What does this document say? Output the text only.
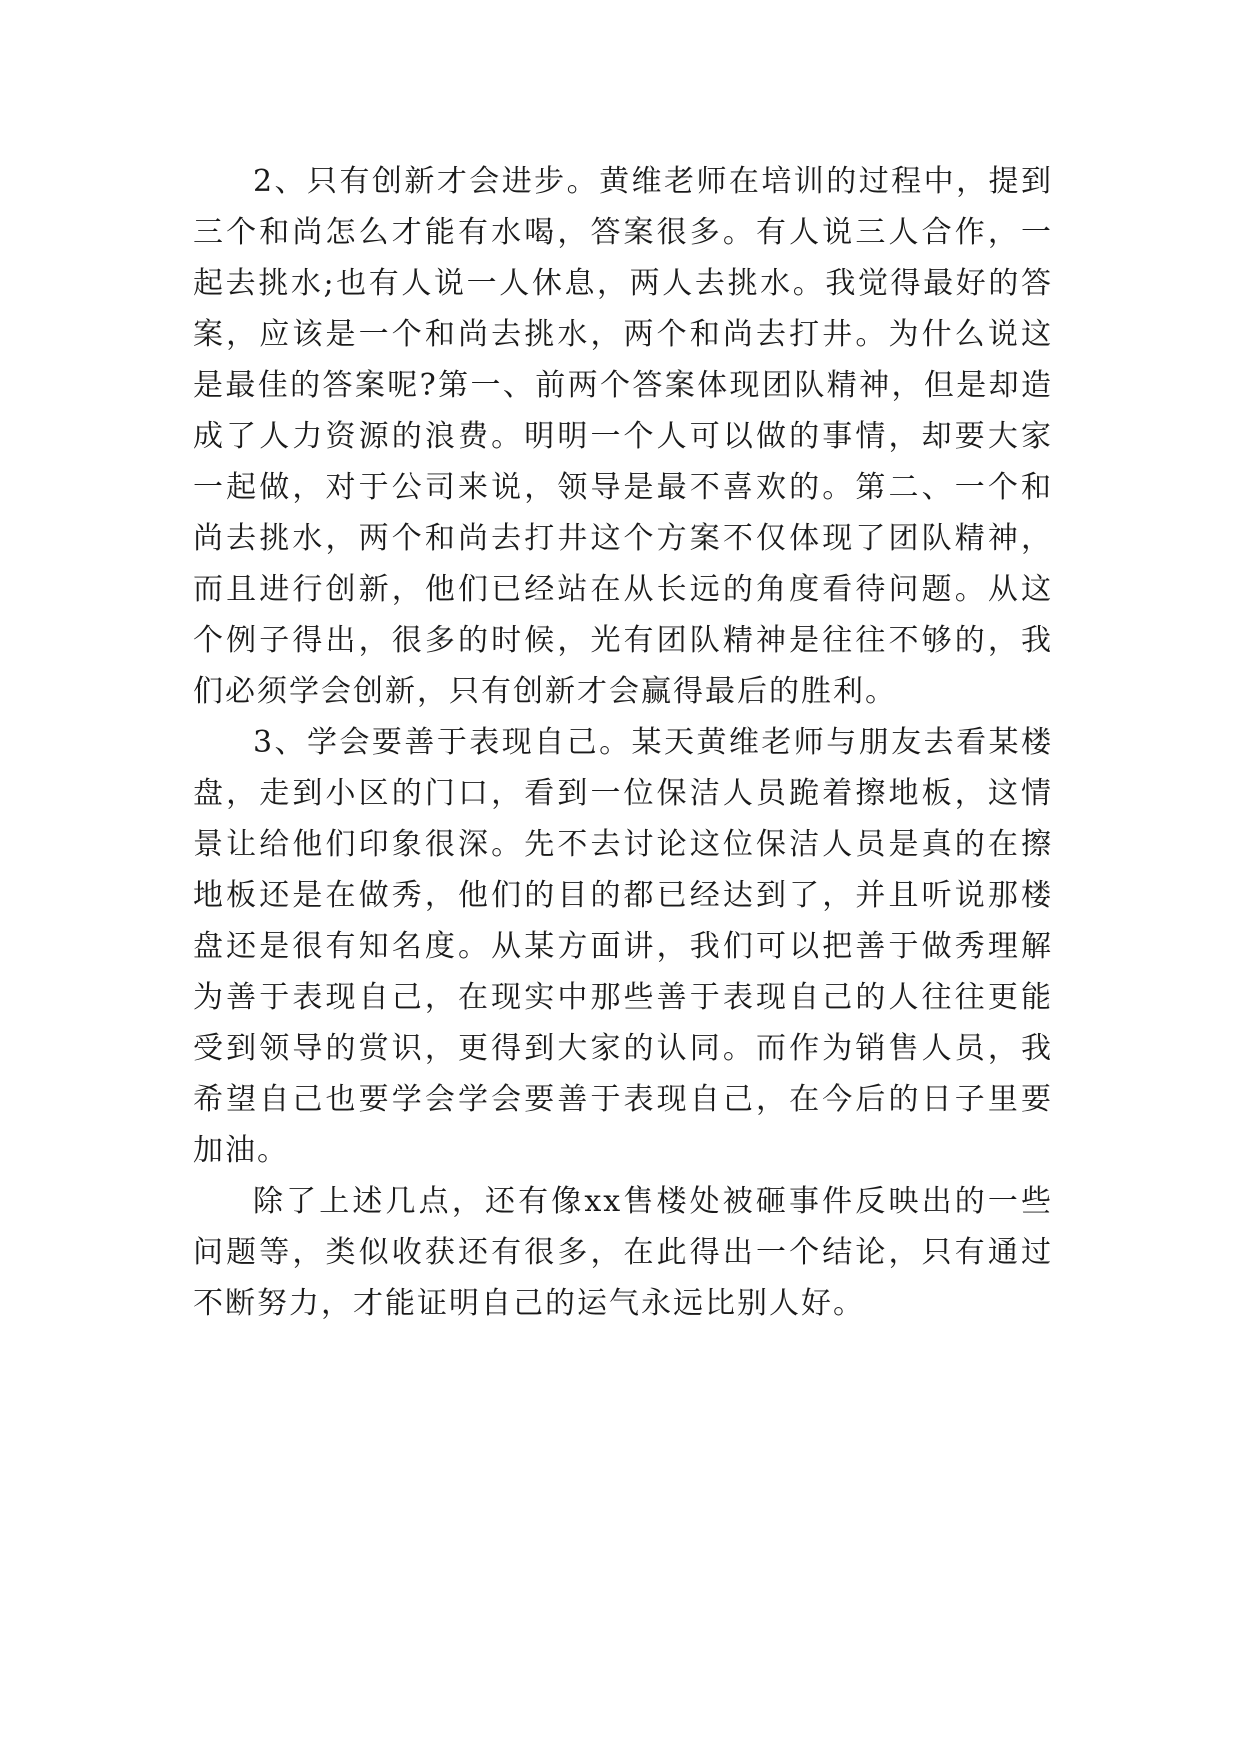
2、只有创新才会进步。黄维老师在培训的过程中，提到三个和尚怎么才能有水喝，答案很多。有人说三人合作，一起去挑水;也有人说一人休息，两人去挑水。我觉得最好的答案，应该是一个和尚去挑水，两个和尚去打井。为什么说这是最佳的答案呢?第一、前两个答案体现团队精神，但是却造成了人力资源的浪费。明明一个人可以做的事情，却要大家一起做，对于公司来说，领导是最不喜欢的。第二、一个和尚去挑水，两个和尚去打井这个方案不仅体现了团队精神，而且进行创新，他们已经站在从长远的角度看待问题。从这个例子得出，很多的时候，光有团队精神是往往不够的，我们必须学会创新，只有创新才会赢得最后的胜利。

3、学会要善于表现自己。某天黄维老师与朋友去看某楼盘，走到小区的门口，看到一位保洁人员跪着擦地板，这情景让给他们印象很深。先不去讨论这位保洁人员是真的在擦地板还是在做秀，他们的目的都已经达到了，并且听说那楼盘还是很有知名度。从某方面讲，我们可以把善于做秀理解为善于表现自己，在现实中那些善于表现自己的人往往更能受到领导的赏识，更得到大家的认同。而作为销售人员，我希望自己也要学会学会要善于表现自己，在今后的日子里要加油。

除了上述几点，还有像xx售楼处被砸事件反映出的一些问题等，类似收获还有很多，在此得出一个结论，只有通过不断努力，才能证明自己的运气永远比别人好。
